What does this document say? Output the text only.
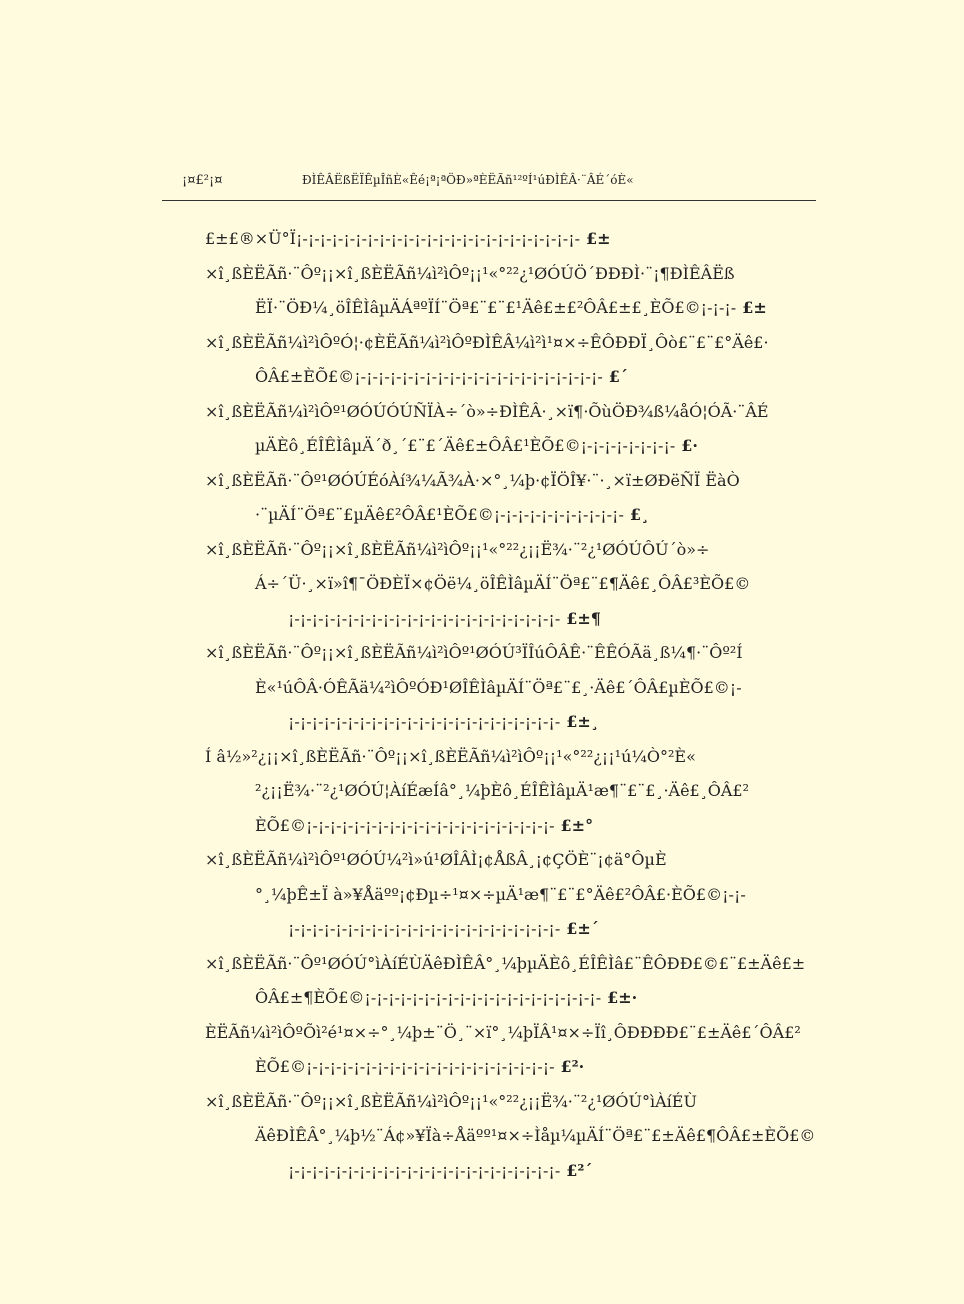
¡¤£²¡¤	ÐÌÊÂËßËÏÊµÎñÈ«Êé¡ª¡ªÖÐ»ªÈËÃñ¹²ºÍ¹úÐÌÊÂ·¨ÂÉ´óÈ«
£±£®×Ü°Ï¡-¡-¡-¡-¡-¡-¡-¡-¡-¡-¡-¡-¡-¡-¡-¡-¡-¡-¡-¡-¡-¡-¡-¡- £±
×î¸ßÈËÃñ·¨Ôº¡¡×î¸ßÈËÃñ¼ì²ìÔº¡¡¹«°²²¿¹ØÓÚÖ´ÐÐÐÌ·¨¡¶ÐÌÊÂËß
ËÏ·¨ÖÐ¼¸öÎÊÌâµÄÁªºÏÍ¨Öª£¨£¨£¹Äê£±£²ÔÂ£±£¸ÈÕ£©¡-¡-¡- £±
×î¸ßÈËÃñ¼ì²ìÔºÓ¦·¢ÈËÃñ¼ì²ìÔºÐÌÊÂ¼ì²ì¹¤×÷ÊÔÐÐÏ¸Ôò£¨£¨£°Äê£·
ÔÂ£±ÈÕ£©¡-¡-¡-¡-¡-¡-¡-¡-¡-¡-¡-¡-¡-¡-¡-¡-¡-¡-¡-¡-¡- £´
×î¸ßÈËÃñ¼ì²ìÔº¹ØÓÚÓÚÑÏÀ÷´ò»÷ÐÌÊÂ·¸×ï¶·ÕùÖÐ¾ß¼åÓ¦ÓÃ·¨ÂÉ
µÄÈô¸ÉÎÊÌâµÄ´ð¸´£¨£´Äê£±ÔÂ£¹ÈÕ£©¡-¡-¡-¡-¡-¡-¡-¡- £·
×î¸ßÈËÃñ·¨Ôº¹ØÓÚÉóÀí¾¼Ã¾À·×°¸¼þ·¢ÏÖÎ¥·¨·¸×ï±ØÐëÑÏ ËàÒ
·¨µÄÍ¨Öª£¨£µÄê£²ÔÂ£¹ÈÕ£©¡-¡-¡-¡-¡-¡-¡-¡-¡-¡-¡- £¸
×î¸ßÈËÃñ·¨Ôº¡¡×î¸ßÈËÃñ¼ì²ìÔº¡¡¹«°²²¿¡¡Ë¾·¨²¿¹ØÓÚÔÚ´ò»÷
Á÷´Ü·¸×ï»î¶¯ÖÐÈÏ×¢Öë¼¸öÎÊÌâµÄÍ¨Öª£¨£¶Äê£¸ÔÂ£³ÈÕ£©
¡-¡-¡-¡-¡-¡-¡-¡-¡-¡-¡-¡-¡-¡-¡-¡-¡-¡-¡-¡-¡-¡-¡- £±¶
×î¸ßÈËÃñ·¨Ôº¡¡×î¸ßÈËÃñ¼ì²ìÔº¹ØÓÚ³ÏÎúÔÂÊ·¨ÊÊÓÃä¸ß¼¶·¨Ôº²Í
È«¹úÔÂ·ÓÊÃä¼²ìÔºÓÐ¹ØÎÊÌâµÄÍ¨Öª£¨£¸·Äê£´ÔÂ£µÈÕ£©¡-
¡-¡-¡-¡-¡-¡-¡-¡-¡-¡-¡-¡-¡-¡-¡-¡-¡-¡-¡-¡-¡-¡-¡- £±¸
Í â½»²¿¡¡×î¸ßÈËÃñ·¨Ôº¡¡×î¸ßÈËÃñ¼ì²ìÔº¡¡¹«°²²¿¡¡¹ú¼Ò°²È«
²¿¡¡Ë¾·¨²¿¹ØÓÚ¦ÀíÉæÍâ°¸¼þÈô¸ÉÎÊÌâµÄ¹æ¶¨£¨£¸·Äê£¸ÔÂ£²
ÈÕ£©¡-¡-¡-¡-¡-¡-¡-¡-¡-¡-¡-¡-¡-¡-¡-¡-¡-¡-¡-¡-¡- £±°
×î¸ßÈËÃñ¼ì²ìÔº¹ØÓÚ¼²ì»ú¹ØÎÂÌ¡¢ÅßÂ¸¡¢ÇÖÈ¨¡¢ä°ÔµÈ
°¸¼þÊ±Ï à»¥Åäºº¡¢Ðµ÷¹¤×÷µÄ¹æ¶¨£¨£°Äê£²ÔÂ£·ÈÕ£©¡-¡-
¡-¡-¡-¡-¡-¡-¡-¡-¡-¡-¡-¡-¡-¡-¡-¡-¡-¡-¡-¡-¡-¡-¡- £±´
×î¸ßÈËÃñ·¨Ôº¹ØÓÚ°ìÀíÉÙÄêÐÌÊÂ°¸¼þµÄÈô¸ÉÎÊÌâ£¨ÊÔÐÐ£©£¨£±Äê£±
ÔÂ£±¶ÈÕ£©¡-¡-¡-¡-¡-¡-¡-¡-¡-¡-¡-¡-¡-¡-¡-¡-¡-¡-¡-¡- £±·
ÈËÃñ¼ì²ìÔºÕì²é¹¤×÷°¸¼þ±¨Ö¸¨×ï°¸¼þÏÂ¹¤×÷Ïî¸ÔÐÐÐÐ£¨£±Äê£´ÔÂ£²
ÈÕ£©¡-¡-¡-¡-¡-¡-¡-¡-¡-¡-¡-¡-¡-¡-¡-¡-¡-¡-¡-¡-¡- £²·
×î¸ßÈËÃñ·¨Ôº¡¡×î¸ßÈËÃñ¼ì²ìÔº¡¡¹«°²²¿¡¡Ë¾·¨²¿¹ØÓÚ°ìÀíÉÙ
ÄêÐÌÊÂ°¸¼þ½¨Á¢»¥Ïà÷Åäºº¹¤×÷Ìåµ¼µÄÍ¨Öª£¨£±Äê£¶ÔÂ£±ÈÕ£©
¡-¡-¡-¡-¡-¡-¡-¡-¡-¡-¡-¡-¡-¡-¡-¡-¡-¡-¡-¡-¡-¡-¡- £²´
